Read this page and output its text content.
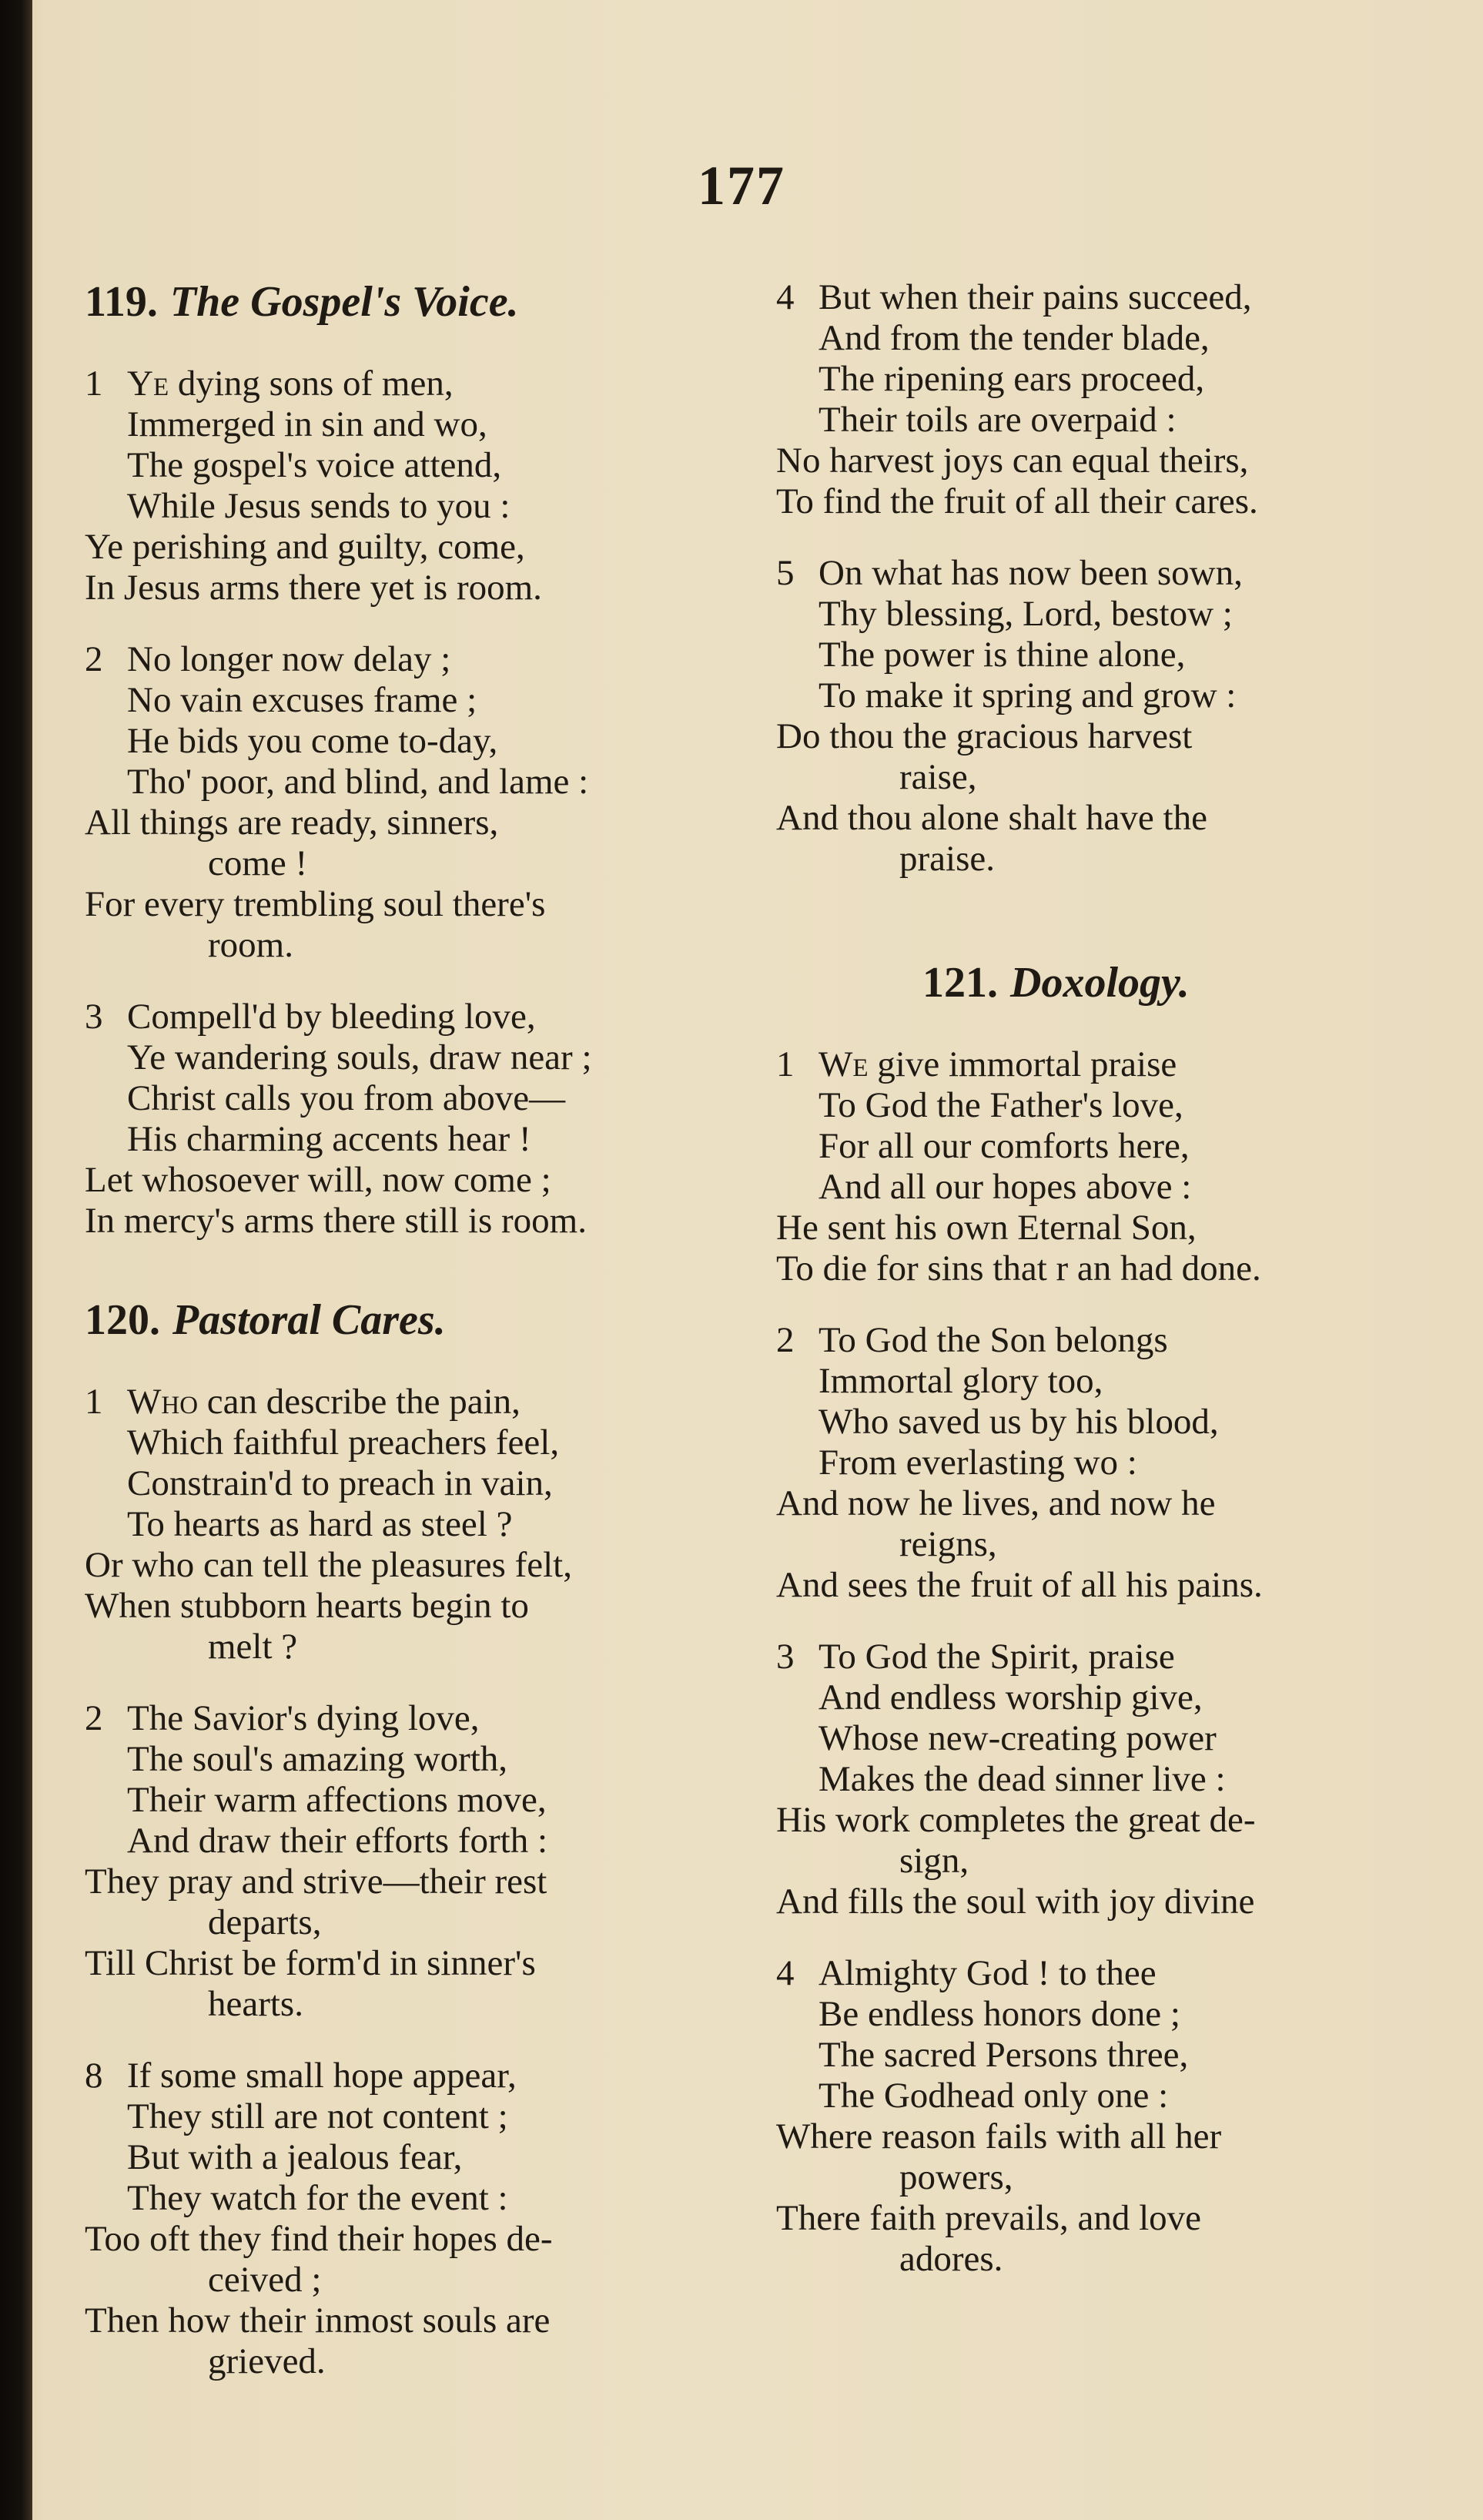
177
119. The Gospel's Voice.
1 Ye dying sons of men,
Immerged in sin and wo,
The gospel's voice attend,
While Jesus sends to you :
Ye perishing and guilty, come,
In Jesus arms there yet is room.
2 No longer now delay ;
No vain excuses frame ;
He bids you come to-day,
Tho' poor, and blind, and lame :
All things are ready, sinners,
come !
For every trembling soul there's
room.
3 Compell'd by bleeding love,
Ye wandering souls, draw near ;
Christ calls you from above—
His charming accents hear !
Let whosoever will, now come ;
In mercy's arms there still is room.
120. Pastoral Cares.
1 Who can describe the pain,
Which faithful preachers feel,
Constrain'd to preach in vain,
To hearts as hard as steel ?
Or who can tell the pleasures felt,
When stubborn hearts begin to
melt ?
2 The Savior's dying love,
The soul's amazing worth,
Their warm affections move,
And draw their efforts forth :
They pray and strive—their rest
departs,
Till Christ be form'd in sinner's
hearts.
8 If some small hope appear,
They still are not content ;
But with a jealous fear,
They watch for the event :
Too oft they find their hopes de-
ceived ;
Then how their inmost souls are
grieved.
4 But when their pains succeed,
And from the tender blade,
The ripening ears proceed,
Their toils are overpaid :
No harvest joys can equal theirs,
To find the fruit of all their cares.
5 On what has now been sown,
Thy blessing, Lord, bestow ;
The power is thine alone,
To make it spring and grow :
Do thou the gracious harvest
raise,
And thou alone shalt have the
praise.
121. Doxology.
1 We give immortal praise
To God the Father's love,
For all our comforts here,
And all our hopes above :
He sent his own Eternal Son,
To die for sins that r an had done.
2 To God the Son belongs
Immortal glory too,
Who saved us by his blood,
From everlasting wo :
And now he lives, and now he
reigns,
And sees the fruit of all his pains.
3 To God the Spirit, praise
And endless worship give,
Whose new-creating power
Makes the dead sinner live :
His work completes the great de-
sign,
And fills the soul with joy divine
4 Almighty God ! to thee
Be endless honors done ;
The sacred Persons three,
The Godhead only one :
Where reason fails with all her
powers,
There faith prevails, and love
adores.
